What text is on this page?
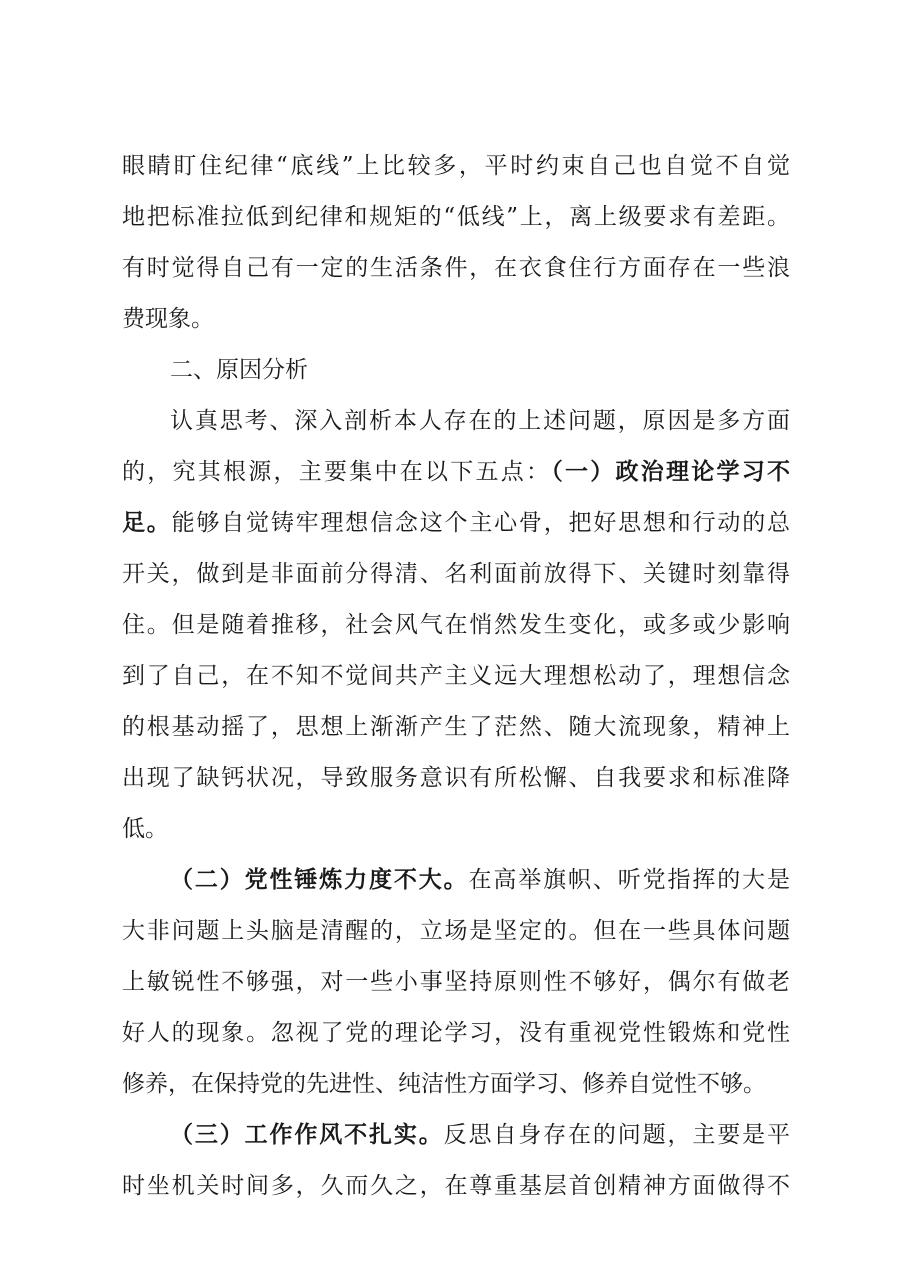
眼睛盯住纪律“底线”上比较多，平时约束自己也自觉不自觉
地把标准拉低到纪律和规矩的“低线”上，离上级要求有差距。
有时觉得自己有一定的生活条件，在衣食住行方面存在一些浪
费现象。
二、原因分析
认真思考、深入剖析本人存在的上述问题，原因是多方面
的，究其根源，主要集中在以下五点：（一）政治理论学习不
足。能够自觉铸牢理想信念这个主心骨，把好思想和行动的总
开关，做到是非面前分得清、名利面前放得下、关键时刻靠得
住。但是随着推移，社会风气在悄然发生变化，或多或少影响
到了自己，在不知不觉间共产主义远大理想松动了，理想信念
的根基动摇了，思想上渐渐产生了茫然、随大流现象，精神上
出现了缺钙状况，导致服务意识有所松懈、自我要求和标准降
低。
（二）党性锤炼力度不大。在高举旗帜、听党指挥的大是
大非问题上头脑是清醒的，立场是坚定的。但在一些具体问题
上敏锐性不够强，对一些小事坚持原则性不够好，偶尔有做老
好人的现象。忽视了党的理论学习，没有重视党性锻炼和党性
修养，在保持党的先进性、纯洁性方面学习、修养自觉性不够。
（三）工作作风不扎实。反思自身存在的问题，主要是平
时坐机关时间多，久而久之，在尊重基层首创精神方面做得不
